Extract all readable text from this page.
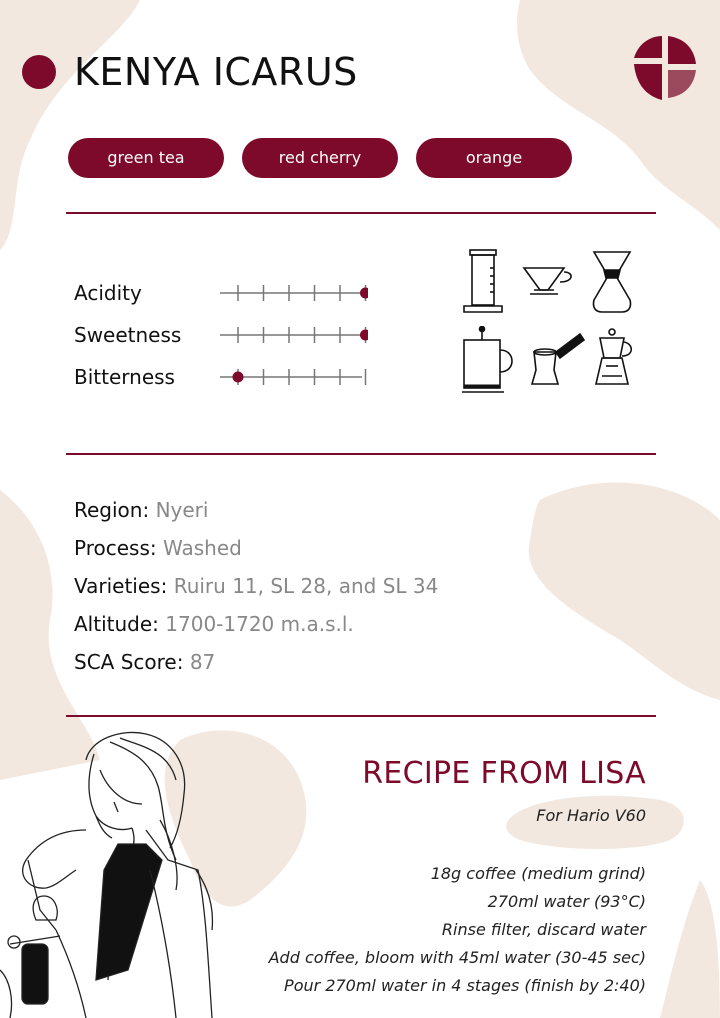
KENYA ICARUS
green tea	red cherry	orange
Acidity
Sweetness
Bitterness
Region: Nyeri
Process: Washed
Varieties: Ruiru 11, SL 28, and SL 34
Altitude: 1700-1720 m.a.s.l.
SCA Score: 87
RECIPE FROM LISA
For Hario V60
18g coffee (medium grind)
270ml water (93°C)
Rinse filter, discard water
Add coffee, bloom with 45ml water (30-45 sec)
Pour 270ml water in 4 stages (finish by 2:40)
